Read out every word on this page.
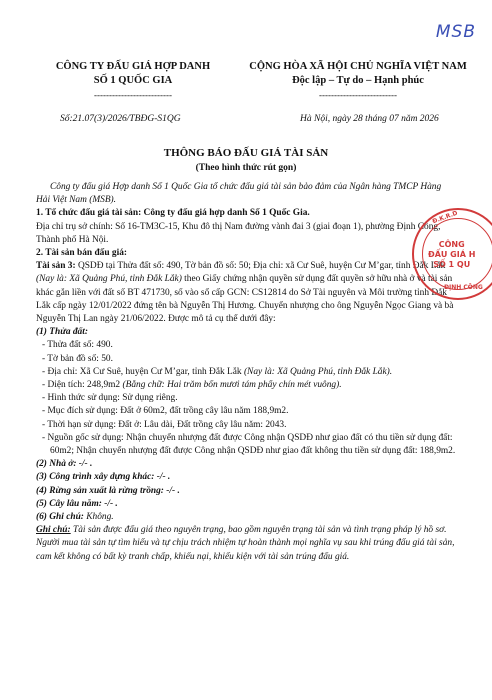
MSB
CÔNG TY ĐẤU GIÁ HỢP DANH
SỐ 1 QUỐC GIA
--------------------------
CỘNG HÒA XÃ HỘI CHỦ NGHĨA VIỆT NAM
Độc lập – Tự do – Hạnh phúc
--------------------------
Số:21.07(3)/2026/TBĐG-S1QG	Hà Nội, ngày 28 tháng 07 năm 2026
THÔNG BÁO ĐẤU GIÁ TÀI SẢN
(Theo hình thức rút gọn)

Công ty đấu giá Hợp danh Số 1 Quốc Gia tổ chức đấu giá tài sản bảo đảm của Ngân hàng TMCP Hàng Hải Việt Nam (MSB).

1. Tổ chức đấu giá tài sản: Công ty đấu giá hợp danh Số 1 Quốc Gia.

Địa chỉ trụ sở chính: Số 16-TM3C-15, Khu đô thị Nam đường vành đai 3 (giai đoạn 1), phường Định Công, Thành phố Hà Nội.

2. Tài sản bán đấu giá:

Tài sản 3: QSDĐ tại Thửa đất số: 490, Tờ bản đồ số: 50; Địa chỉ: xã Cư Suê, huyện Cư M’gar, tỉnh Đắk Lắk (Nay là: Xã Quảng Phú, tỉnh Đắk Lắk) theo Giấy chứng nhận quyền sử dụng đất quyền sở hữu nhà ở và tài sản khác gắn liền với đất số BT 471730, số vào sổ cấp GCN: CS12814 do Sở Tài nguyên và Môi trường tỉnh Đắk Lắk cấp ngày 12/01/2022 đứng tên bà Nguyễn Thị Hương. Chuyển nhượng cho ông Nguyễn Ngọc Giang và bà Nguyễn Thị Lan ngày 21/06/2022. Được mô tả cụ thể dưới đây:

(1) Thửa đất:

- Thửa đất số: 490.

- Tờ bản đồ số: 50.

- Địa chỉ: Xã Cư Suê, huyện Cư M’gar, tỉnh Đắk Lắk (Nay là: Xã Quảng Phú, tỉnh Đắk Lắk).

- Diện tích: 248,9m2 (Bằng chữ: Hai trăm bốn mươi tám phẩy chín mét vuông).

- Hình thức sử dụng: Sử dụng riêng.

- Mục đích sử dụng: Đất ở 60m2, đất trồng cây lâu năm 188,9m2.

- Thời hạn sử dụng: Đất ở: Lâu dài, Đất trồng cây lâu năm: 2043.

- Nguồn gốc sử dụng: Nhận chuyển nhượng đất được Công nhận QSDĐ như giao đất có thu tiền sử dụng đất: 60m2; Nhận chuyển nhượng đất được Công nhận QSDĐ như giao đất không thu tiền sử dụng đất: 188,9m2.

(2) Nhà ở: -/- .

(3) Công trình xây dựng khác: -/- .

(4) Rừng sản xuất là rừng trồng: -/- .

(5) Cây lâu năm: -/- .

(6) Ghi chú: Không.

Ghi chú: Tài sản được đấu giá theo nguyên trạng, bao gồm nguyên trạng tài sản và tình trạng pháp lý hồ sơ. Người mua tài sản tự tìm hiểu và tự chịu trách nhiệm tự hoàn thành mọi nghĩa vụ sau khi trúng đấu giá tài sản, cam kết không có bất kỳ tranh chấp, khiếu nại, khiếu kiện với tài sản trúng đấu giá.

Đ.K.R.D
CÔNG
ĐẤU GIÁ H
SỐ 1 QU
ĐỊNH CÔNG
